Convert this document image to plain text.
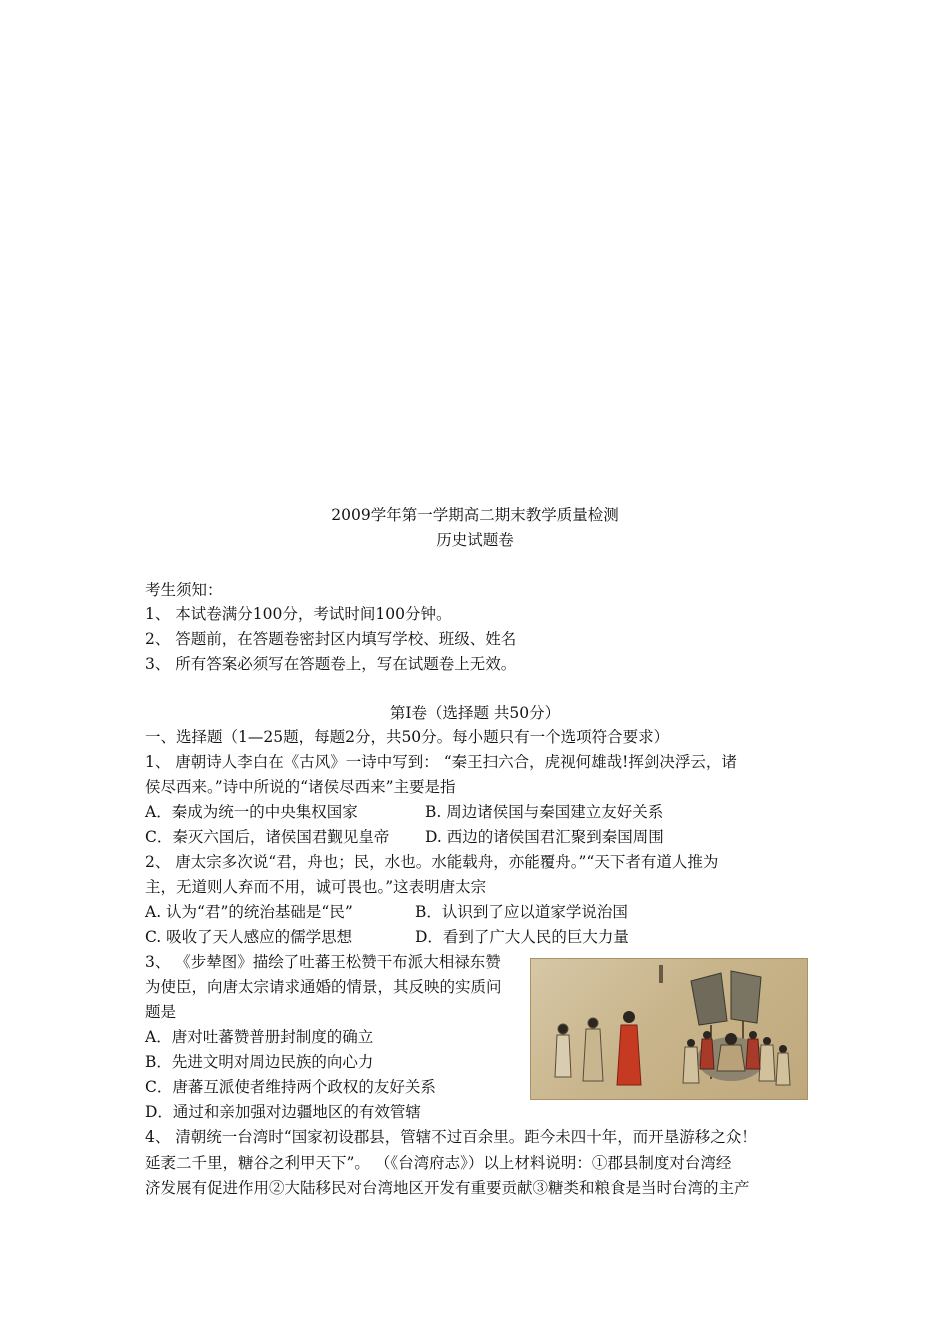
2009学年第一学期高二期末教学质量检测
历史试题卷
考生须知：
1、 本试卷满分100分，考试时间100分钟。
2、 答题前，在答题卷密封区内填写学校、班级、姓名
3、 所有答案必须写在答题卷上，写在试题卷上无效。
第I卷（选择题 共50分）
一、选择题（1—25题，每题2分，共50分。每小题只有一个选项符合要求）
1、 唐朝诗人李白在《古风》一诗中写到： “秦王扫六合，虎视何雄哉!挥剑决浮云，诸
侯尽西来。”诗中所说的“诸侯尽西来”主要是指
A．秦成为统一的中央集权国家	B. 周边诸侯国与秦国建立友好关系
C．秦灭六国后，诸侯国君觐见皇帝 D. 西边的诸侯国君汇聚到秦国周围
2、 唐太宗多次说“君，舟也；民，水也。水能载舟，亦能覆舟。”“天下者有道人推为
主，无道则人弃而不用，诚可畏也。”这表明唐太宗
A. 认为“君”的统治基础是“民”	B．认识到了应以道家学说治国
C. 吸收了天人感应的儒学思想	D．看到了广大人民的巨大力量
3、 《步辇图》描绘了吐蕃王松赞干布派大相禄东赞
为使臣，向唐太宗请求通婚的情景，其反映的实质问
题是
A．唐对吐蕃赞普册封制度的确立
B．先进文明对周边民族的向心力
C．唐蕃互派使者维持两个政权的友好关系
D．通过和亲加强对边疆地区的有效管辖
4、 清朝统一台湾时“国家初设郡县，管辖不过百余里。距今未四十年，而开垦游移之众！
延袤二千里，糖谷之利甲天下”。 （《台湾府志》）以上材料说明：①郡县制度对台湾经
济发展有促进作用②大陆移民对台湾地区开发有重要贡献③糖类和粮食是当时台湾的主产
